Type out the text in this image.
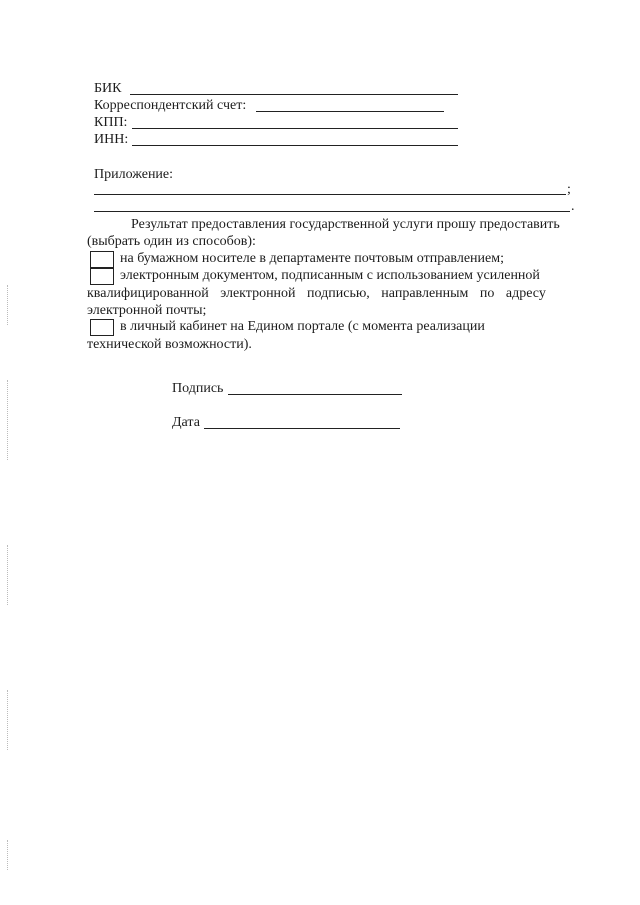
БИК
Корреспондентский счет:
КПП:
ИНН:
Приложение:
;
.
Результат предоставления государственной услуги прошу предоставить
(выбрать один из способов):
на бумажном носителе в департаменте почтовым отправлением;
электронным документом, подписанным с использованием усиленной
квалифицированной электронной подписью, направленным по адресу
электронной почты;
в личный кабинет на Едином портале (с момента реализации
технической возможности).
Подпись
Дата
